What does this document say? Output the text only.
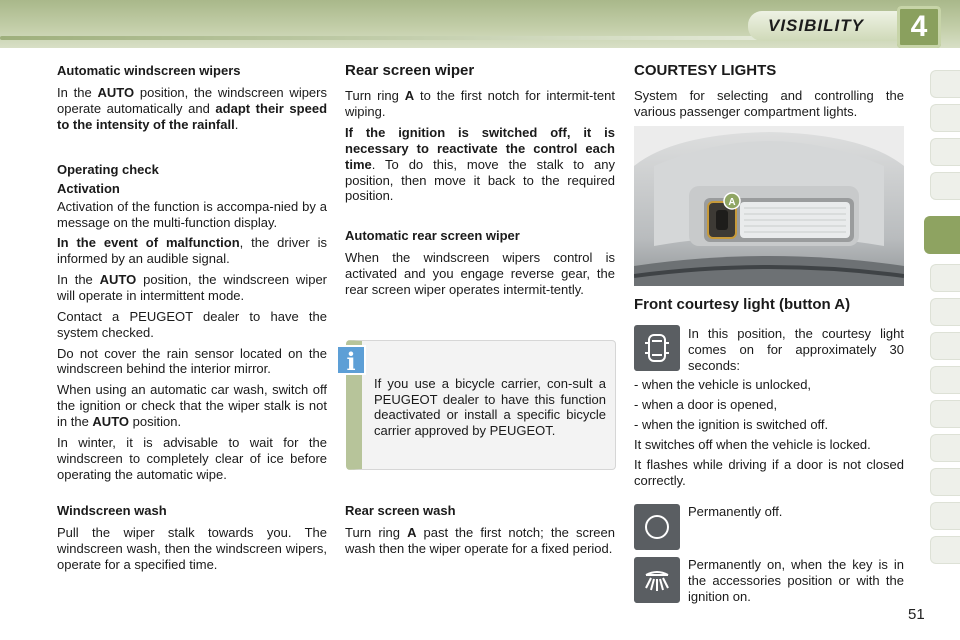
VISIBILITY	4
Automatic windscreen wipers

In the AUTO position, the windscreen wipers operate automatically and adapt their speed to the intensity of the rainfall.

Operating check
Activation

Activation of the function is accompa-nied by a message on the multi-function display.

In the event of malfunction, the driver is informed by an audible signal.

In the AUTO position, the windscreen wiper will operate in intermittent mode.

Contact a PEUGEOT dealer to have the system checked.

Do not cover the rain sensor located on the windscreen behind the interior mirror.

When using an automatic car wash, switch off the ignition or check that the wiper stalk is not in the AUTO position.

In winter, it is advisable to wait for the windscreen to completely clear of ice before operating the automatic wipe.

Windscreen wash

Pull the wiper stalk towards you. The windscreen wash, then the windscreen wipers, operate for a specified time.

Rear screen wiper

Turn ring A to the first notch for intermit-tent wiping.

If the ignition is switched off, it is necessary to reactivate the control each time. To do this, move the stalk to any position, then move it back to the required position.

Automatic rear screen wiper

When the windscreen wipers control is activated and you engage reverse gear, the rear screen wiper operates intermit-tently.

i
If you use a bicycle carrier, con-sult a PEUGEOT dealer to have this function deactivated or install a specific bicycle carrier approved by PEUGEOT.
Rear screen wash

Turn ring A past the first notch; the screen wash then the wiper operate for a fixed period.

COURTESY LIGHTS

System for selecting and controlling the various passenger compartment lights.

A
Front courtesy light (button A)

In this position, the courtesy light comes on for approximately 30 seconds:

- when the vehicle is unlocked,

- when a door is opened,

- when the ignition is switched off.

It switches off when the vehicle is locked.

It flashes while driving if a door is not closed correctly.

Permanently off.

Permanently on, when the key is in the accessories position or with the ignition on.

51
